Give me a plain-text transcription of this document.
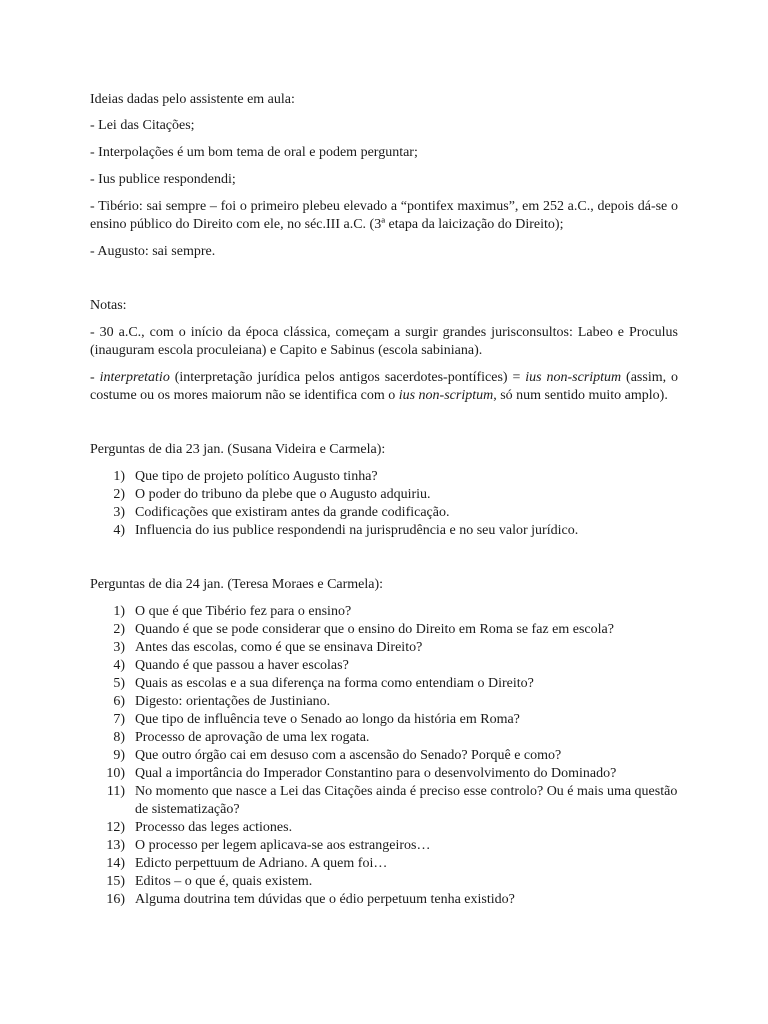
Ideias dadas pelo assistente em aula:

- Lei das Citações;

- Interpolações é um bom tema de oral e podem perguntar;

- Ius publice respondendi;

- Tibério: sai sempre – foi o primeiro plebeu elevado a “pontifex maximus”, em 252 a.C., depois dá-se o ensino público do Direito com ele, no séc.III a.C. (3ª etapa da laicização do Direito);

- Augusto: sai sempre.

Notas:

- 30 a.C., com o início da época clássica, começam a surgir grandes jurisconsultos: Labeo e Proculus (inauguram escola proculeiana) e Capito e Sabinus (escola sabiniana).

- interpretatio (interpretação jurídica pelos antigos sacerdotes-pontífices) = ius non-scriptum (assim, o costume ou os mores maiorum não se identifica com o ius non-scriptum, só num sentido muito amplo).

Perguntas de dia 23 jan. (Susana Videira e Carmela):

1) Que tipo de projeto político Augusto tinha?
2) O poder do tribuno da plebe que o Augusto adquiriu.
3) Codificações que existiram antes da grande codificação.
4) Influencia do ius publice respondendi na jurisprudência e no seu valor jurídico.

Perguntas de dia 24 jan. (Teresa Moraes e Carmela):

1) O que é que Tibério fez para o ensino?
2) Quando é que se pode considerar que o ensino do Direito em Roma se faz em escola?
3) Antes das escolas, como é que se ensinava Direito?
4) Quando é que passou a haver escolas?
5) Quais as escolas e a sua diferença na forma como entendiam o Direito?
6) Digesto: orientações de Justiniano.
7) Que tipo de influência teve o Senado ao longo da história em Roma?
8) Processo de aprovação de uma lex rogata.
9) Que outro órgão cai em desuso com a ascensão do Senado? Porquê e como?
10) Qual a importância do Imperador Constantino para o desenvolvimento do Dominado?
11) No momento que nasce a Lei das Citações ainda é preciso esse controlo? Ou é mais uma questão de sistematização?
12) Processo das leges actiones.
13) O processo per legem aplicava-se aos estrangeiros…
14) Edicto perpettuum de Adriano. A quem foi…
15) Editos – o que é, quais existem.
16) Alguma doutrina tem dúvidas que o édio perpetuum tenha existido?
